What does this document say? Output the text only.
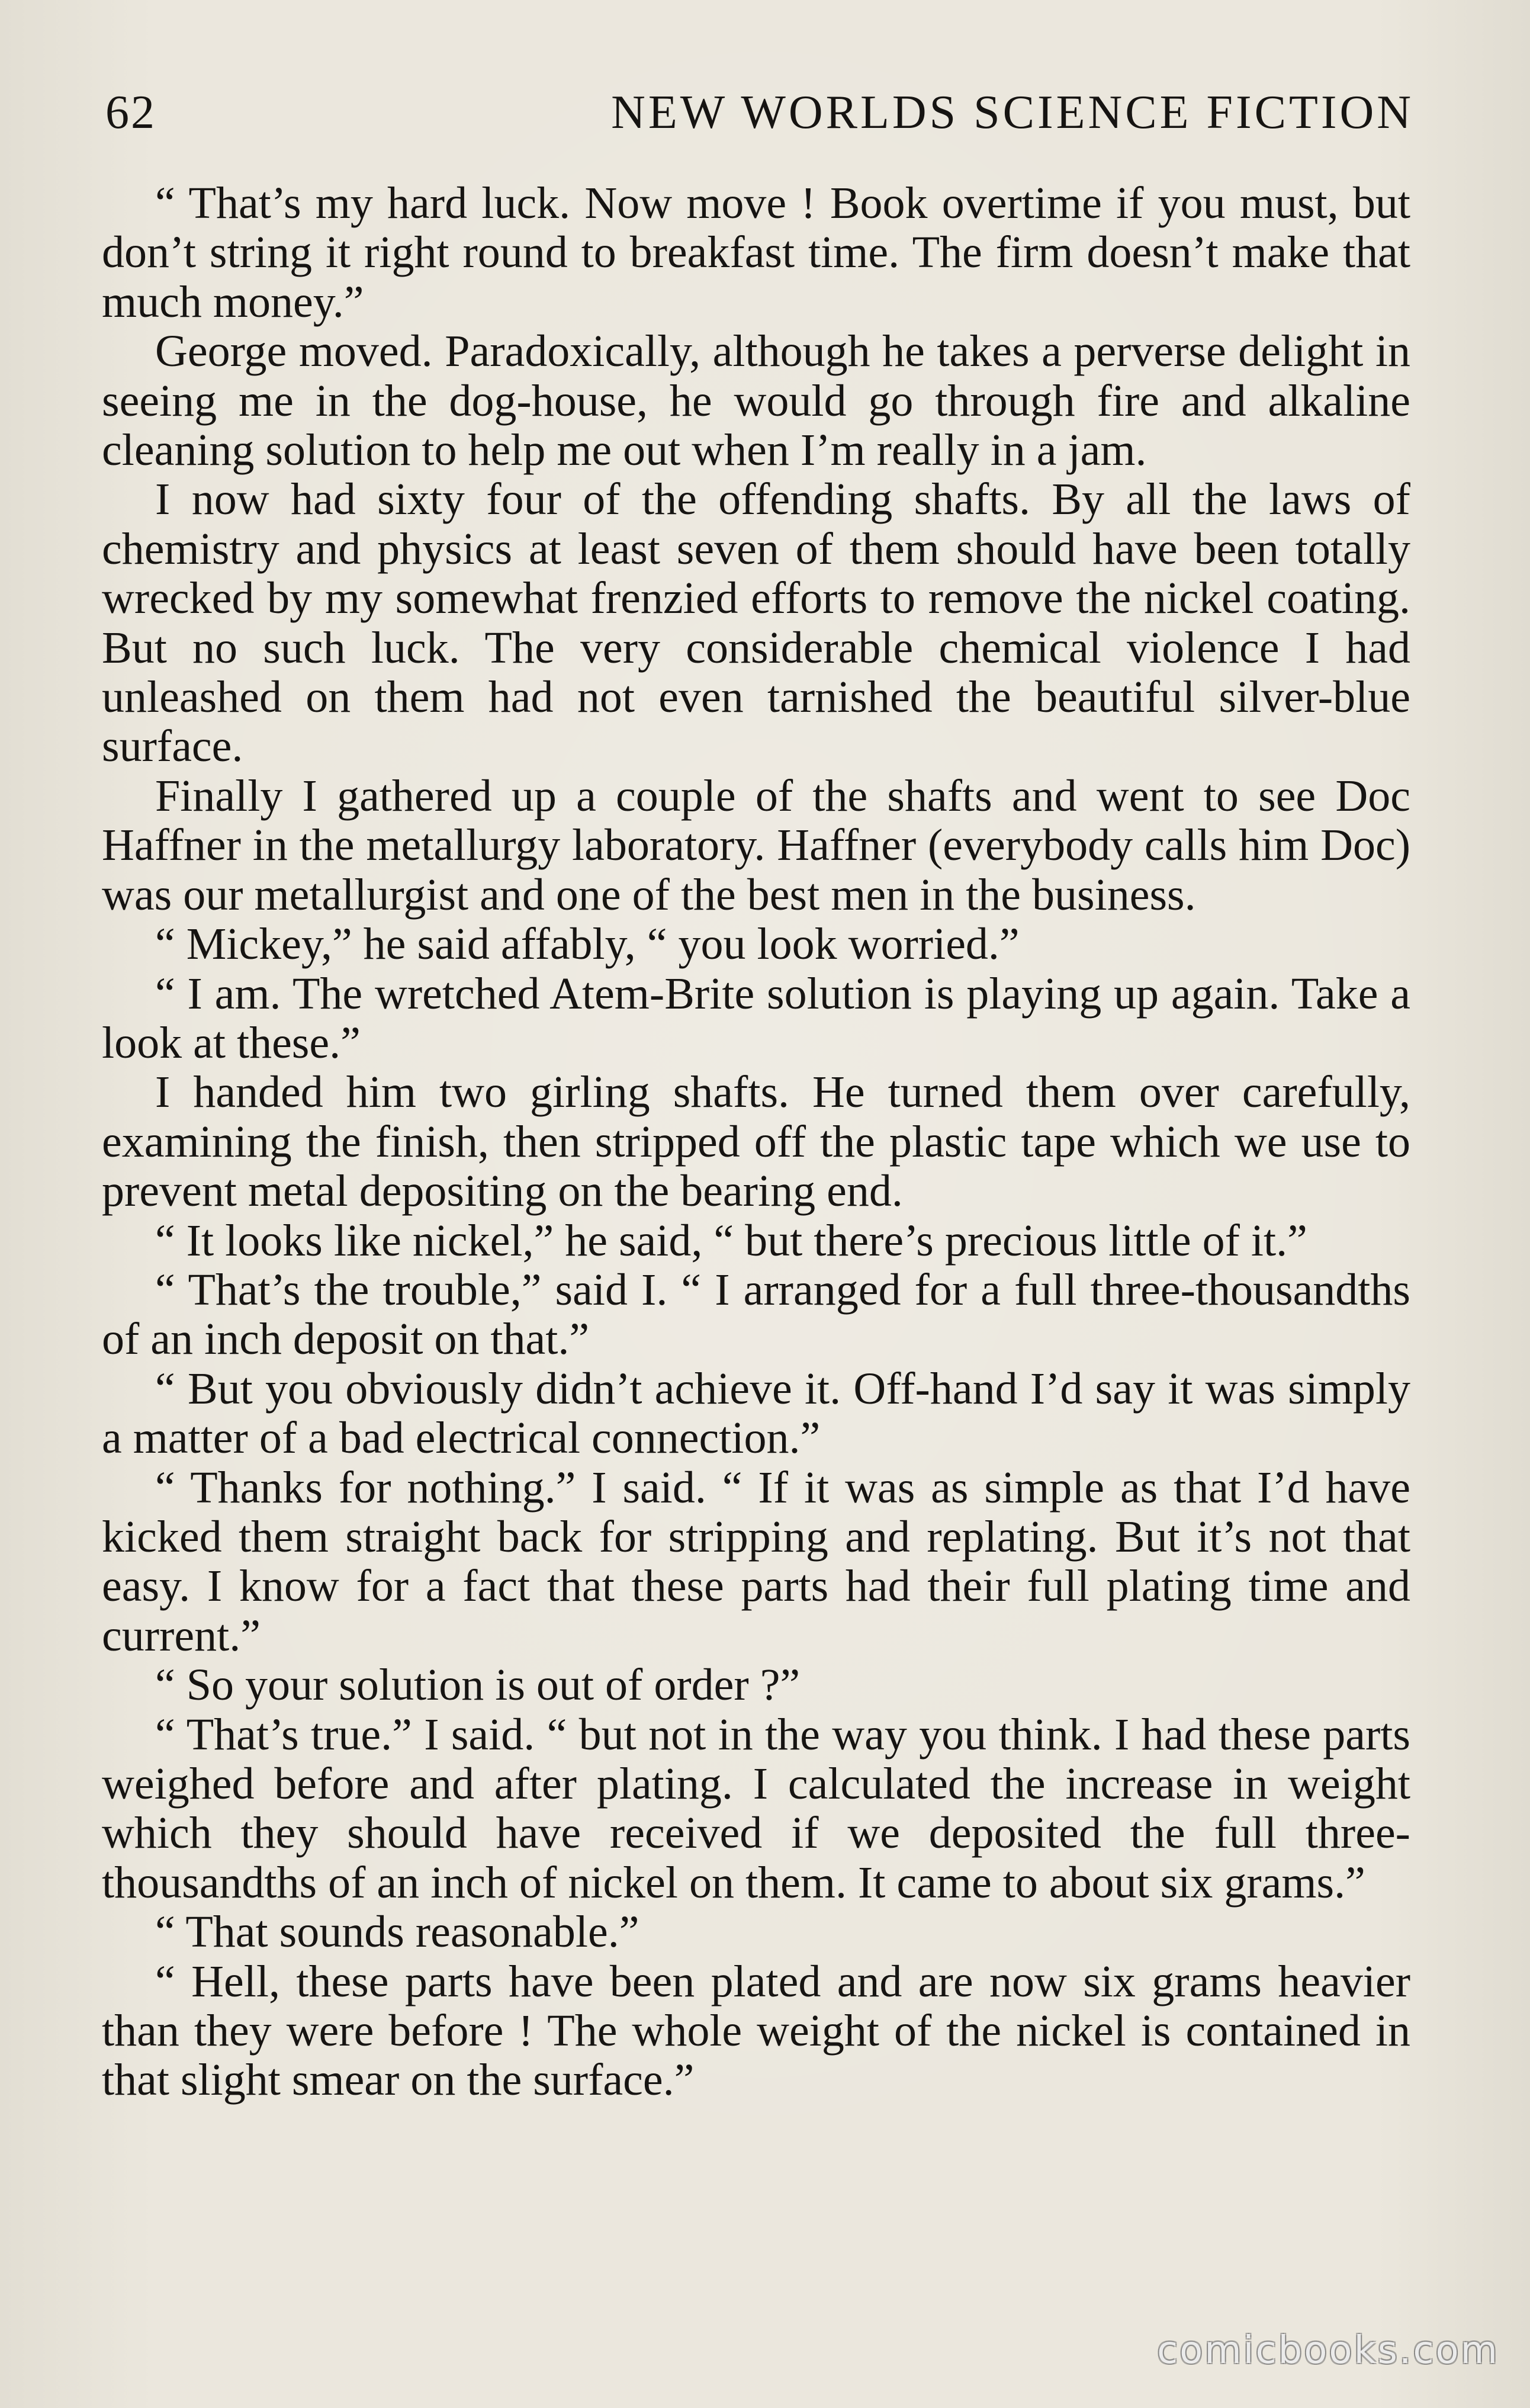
62	NEW WORLDS SCIENCE FICTION

“ That’s my hard luck. Now move ! Book overtime if you must, but don’t string it right round to breakfast time. The firm doesn’t make that much money.”

George moved. Paradoxically, although he takes a perverse delight in seeing me in the dog-house, he would go through fire and alkaline cleaning solution to help me out when I’m really in a jam.

I now had sixty four of the offending shafts. By all the laws of chemistry and physics at least seven of them should have been totally wrecked by my somewhat frenzied efforts to remove the nickel coating. But no such luck. The very considerable chemical violence I had unleashed on them had not even tarnished the beautiful silver-blue surface.

Finally I gathered up a couple of the shafts and went to see Doc Haffner in the metallurgy laboratory. Haffner (everybody calls him Doc) was our metallurgist and one of the best men in the business.

“ Mickey,” he said affably, “ you look worried.”

“ I am. The wretched Atem-Brite solution is playing up again. Take a look at these.”

I handed him two girling shafts. He turned them over carefully, examining the finish, then stripped off the plastic tape which we use to prevent metal depositing on the bearing end.

“ It looks like nickel,” he said, “ but there’s precious little of it.”

“ That’s the trouble,” said I. “ I arranged for a full three-thousandths of an inch deposit on that.”

“ But you obviously didn’t achieve it. Off-hand I’d say it was simply a matter of a bad electrical connection.”

“ Thanks for nothing.” I said. “ If it was as simple as that I’d have kicked them straight back for stripping and replating. But it’s not that easy. I know for a fact that these parts had their full plating time and current.”

“ So your solution is out of order ?”

“ That’s true.” I said. “ but not in the way you think. I had these parts weighed before and after plating. I calculated the increase in weight which they should have received if we deposited the full three-thousandths of an inch of nickel on them. It came to about six grams.”

“ That sounds reasonable.”

“ Hell, these parts have been plated and are now six grams heavier than they were before ! The whole weight of the nickel is contained in that slight smear on the surface.”

comicbooks.com
